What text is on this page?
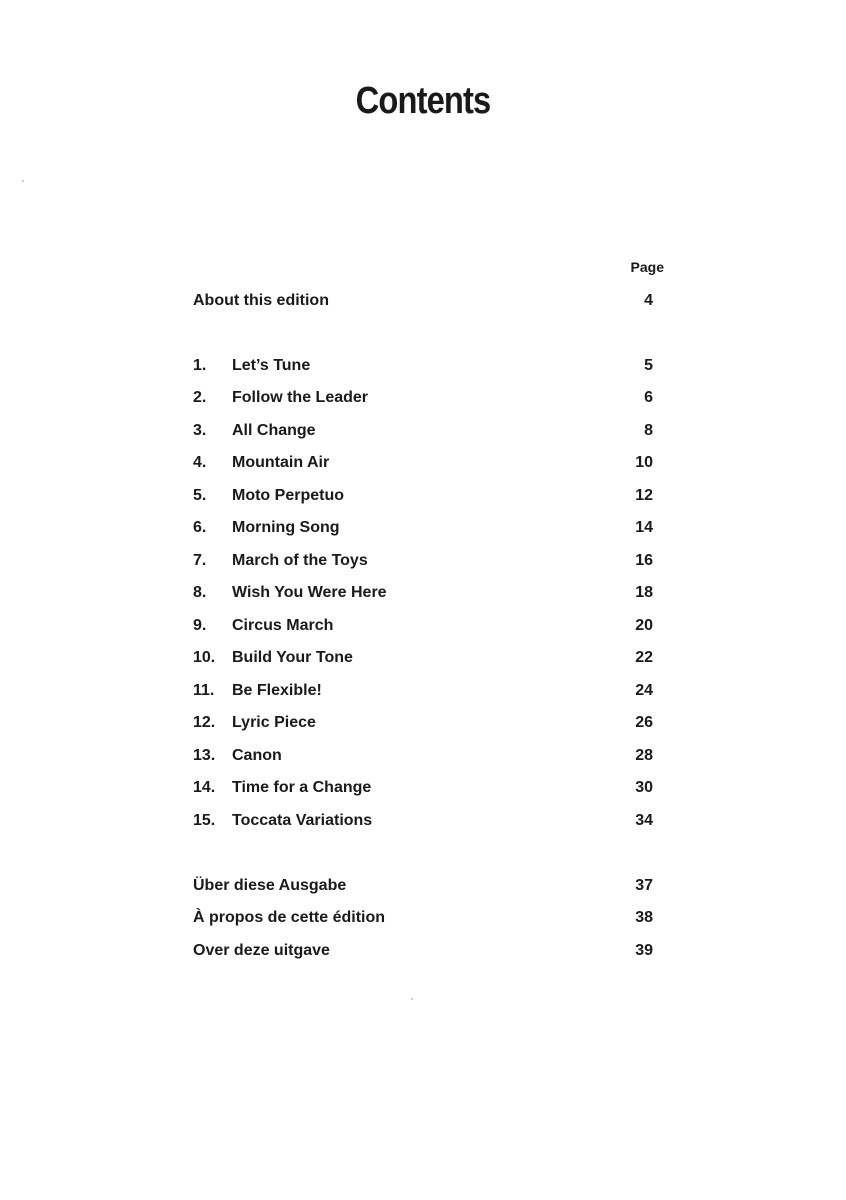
Contents
Page
About this edition	4
1.	Let’s Tune	5
2.	Follow the Leader	6
3.	All Change	8
4.	Mountain Air	10
5.	Moto Perpetuo	12
6.	Morning Song	14
7.	March of the Toys	16
8.	Wish You Were Here	18
9.	Circus March	20
10.	Build Your Tone	22
11.	Be Flexible!	24
12.	Lyric Piece	26
13.	Canon	28
14.	Time for a Change	30
15.	Toccata Variations	34
Über diese Ausgabe	37
À propos de cette édition	38
Over deze uitgave	39
